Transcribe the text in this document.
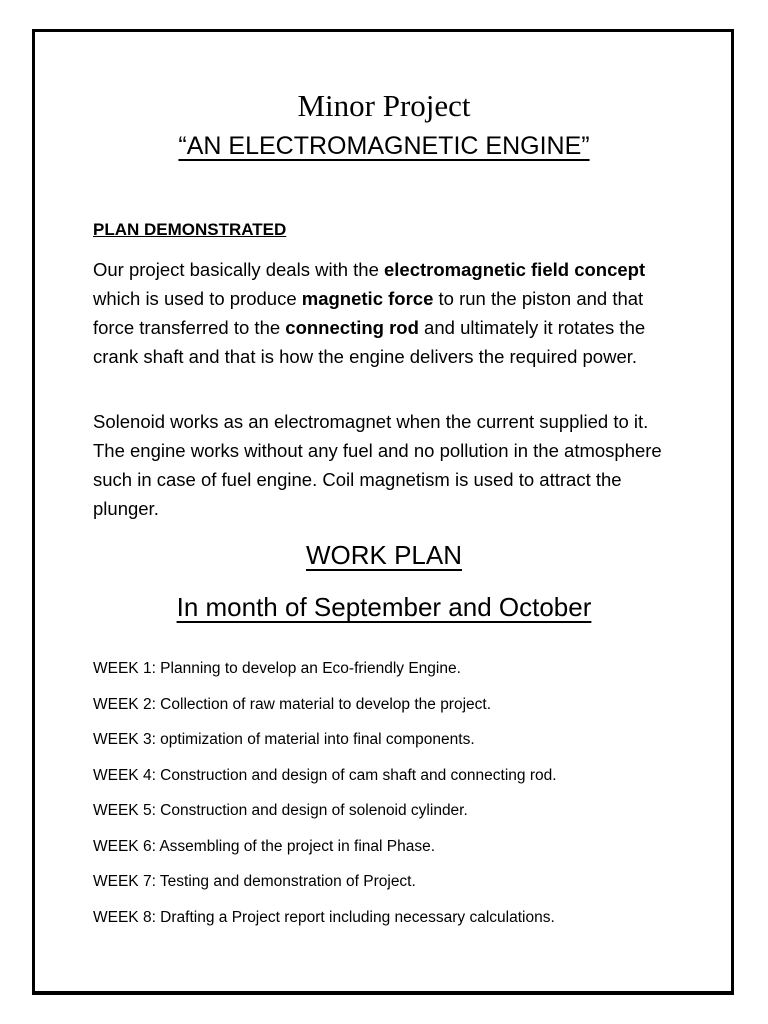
Minor Project
“AN ELECTROMAGNETIC ENGINE”
PLAN DEMONSTRATED
Our project basically deals with the electromagnetic field concept which is used to produce magnetic force to run the piston and that force transferred to the connecting rod and ultimately it rotates the crank shaft and that is how the engine delivers the required power.
Solenoid works as an electromagnet when the current supplied to it. The engine works without any fuel and no pollution in the atmosphere such in case of fuel engine. Coil magnetism is used to attract the plunger.
WORK PLAN
In month of September and October
WEEK 1: Planning to develop an Eco-friendly Engine.
WEEK 2: Collection of raw material to develop the project.
WEEK 3: optimization of material into final components.
WEEK 4: Construction and design of cam shaft and connecting rod.
WEEK 5: Construction and design of solenoid cylinder.
WEEK 6: Assembling of the project in final Phase.
WEEK 7: Testing and demonstration of Project.
WEEK 8: Drafting a Project report including necessary calculations.
